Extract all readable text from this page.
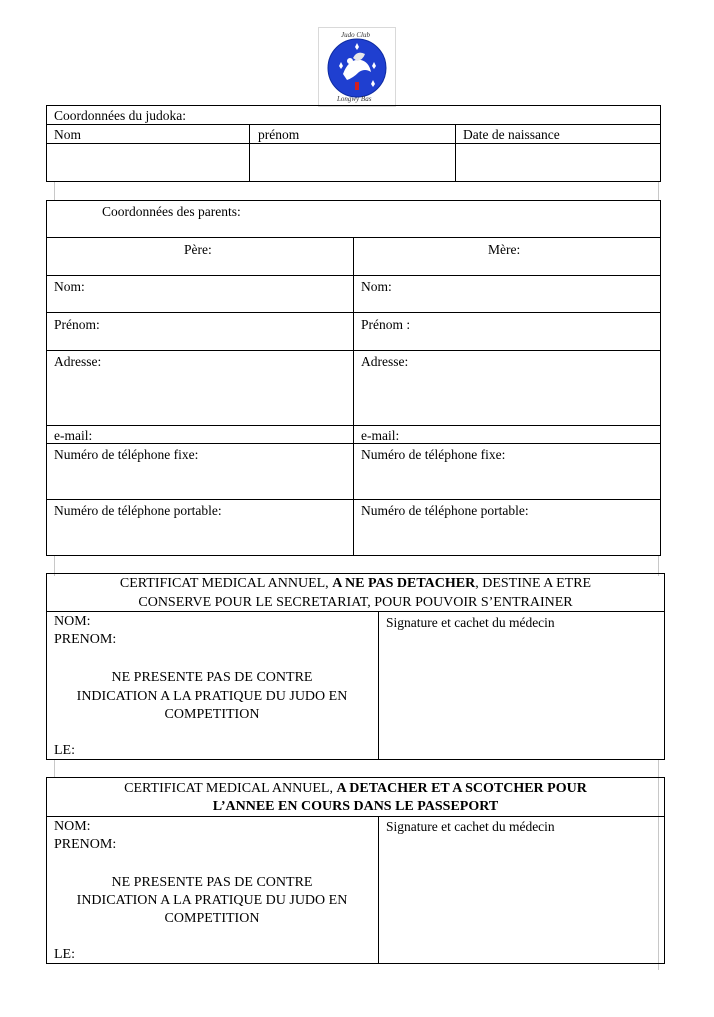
Judo Club
Longwy Bas
Coordonnées du judoka:
Nom	prénom	Date de naissance
Coordonnées des parents:
Père:	Mère:
Nom:	Nom:
Prénom:	Prénom :
Adresse:	Adresse:
e-mail:	e-mail:
Numéro de téléphone fixe:	Numéro de téléphone fixe:
Numéro de téléphone portable:	Numéro de téléphone portable:
CERTIFICAT MEDICAL ANNUEL, A NE PAS DETACHER, DESTINE A ETRE
CONSERVE POUR LE SECRETARIAT, POUR POUVOIR S’ENTRAINER
NOM:
PRENOM:
NE PRESENTE PAS DE CONTRE
INDICATION A LA PRATIQUE DU JUDO EN
COMPETITION
LE:
Signature et cachet du médecin
CERTIFICAT MEDICAL ANNUEL, A DETACHER ET A SCOTCHER POUR
L’ANNEE EN COURS DANS LE PASSEPORT
NOM:
PRENOM:
NE PRESENTE PAS DE CONTRE
INDICATION A LA PRATIQUE DU JUDO EN
COMPETITION
LE:
Signature et cachet du médecin
